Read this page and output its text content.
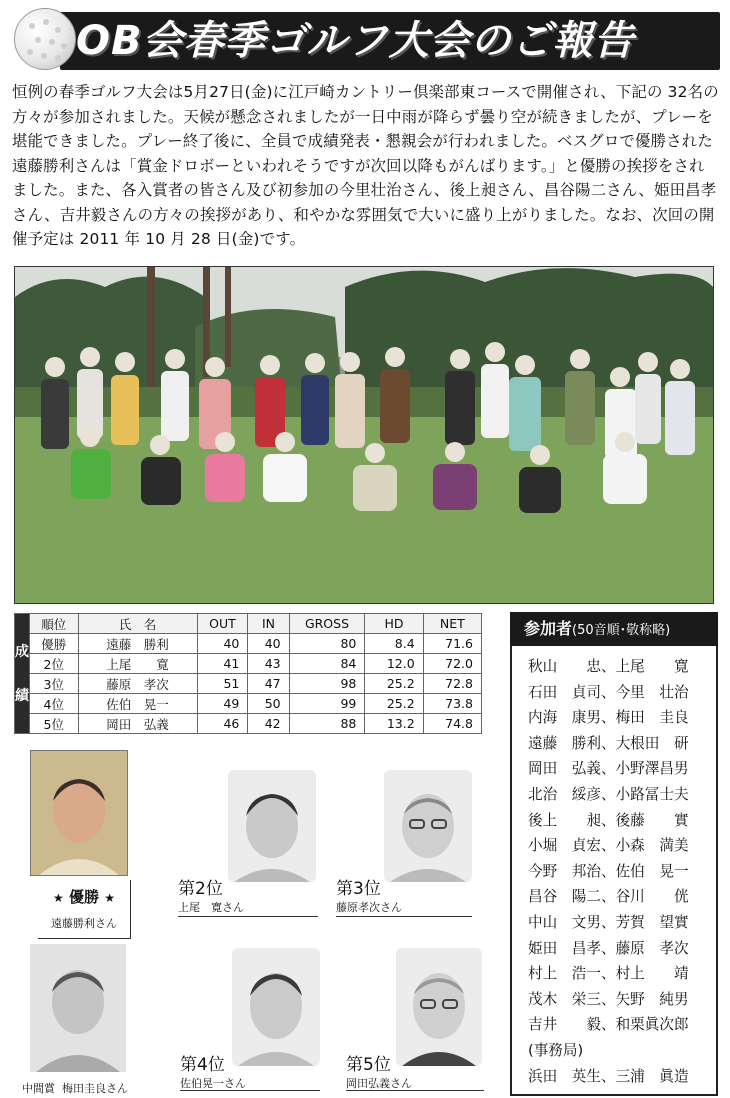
OB会春季ゴルフ大会のご報告
恒例の春季ゴルフ大会は5月27日(金)に江戸崎カントリー倶楽部東コースで開催され、下記の 32名の方々が参加されました。天候が懸念されましたが一日中雨が降らず曇り空が続きましたが、プレーを堪能できました。プレー終了後に、全員で成績発表・懇親会が行われました。ベスグロで優勝された遠藤勝利さんは「賞金ドロボーといわれそうですが次回以降もがんばります。」と優勝の挨拶をされました。また、各入賞者の皆さん及び初参加の今里壮治さん、後上昶さん、昌谷陽二さん、姫田昌孝さん、吉井毅さんの方々の挨拶があり、和やかな雰囲気で大いに盛り上がりました。なお、次回の開催予定は 2011 年 10 月 28 日(金)です。
成
績	順位	氏　名	OUT	IN	GROSS	HD	NET
	優勝	遠藤　勝利	40	40	80	8.4	71.6
	2位	上尾　　寛	41	43	84	12.0	72.0
	3位	藤原　孝次	51	47	98	25.2	72.8
	4位	佐伯　晃一	49	50	99	25.2	73.8
	5位	岡田　弘義	46	42	88	13.2	74.8
参加者(50音順･敬称略)
秋山　　忠、上尾　　寛
石田　貞司、今里　壮治
内海　康男、梅田　圭良
遠藤　勝利、大根田　研
岡田　弘義、小野澤昌男
北治　綏彦、小路冨士夫
後上　　昶、後藤　　實
小堀　貞宏、小森　満美
今野　邦治、佐伯　晃一
昌谷　陽二、谷川　　侊
中山　文男、芳賀　望實
姫田　昌孝、藤原　孝次
村上　浩一、村上　　靖
茂木　栄三、矢野　純男
吉井　　毅、和栗眞次郎
(事務局)
浜田　英生、三浦　眞造
★ 優勝 ★
遠藤勝利さん
第2位
上尾　寛さん
第3位
藤原孝次さん
中間賞 梅田圭良さん
第4位
佐伯晃一さん
第5位
岡田弘義さん
